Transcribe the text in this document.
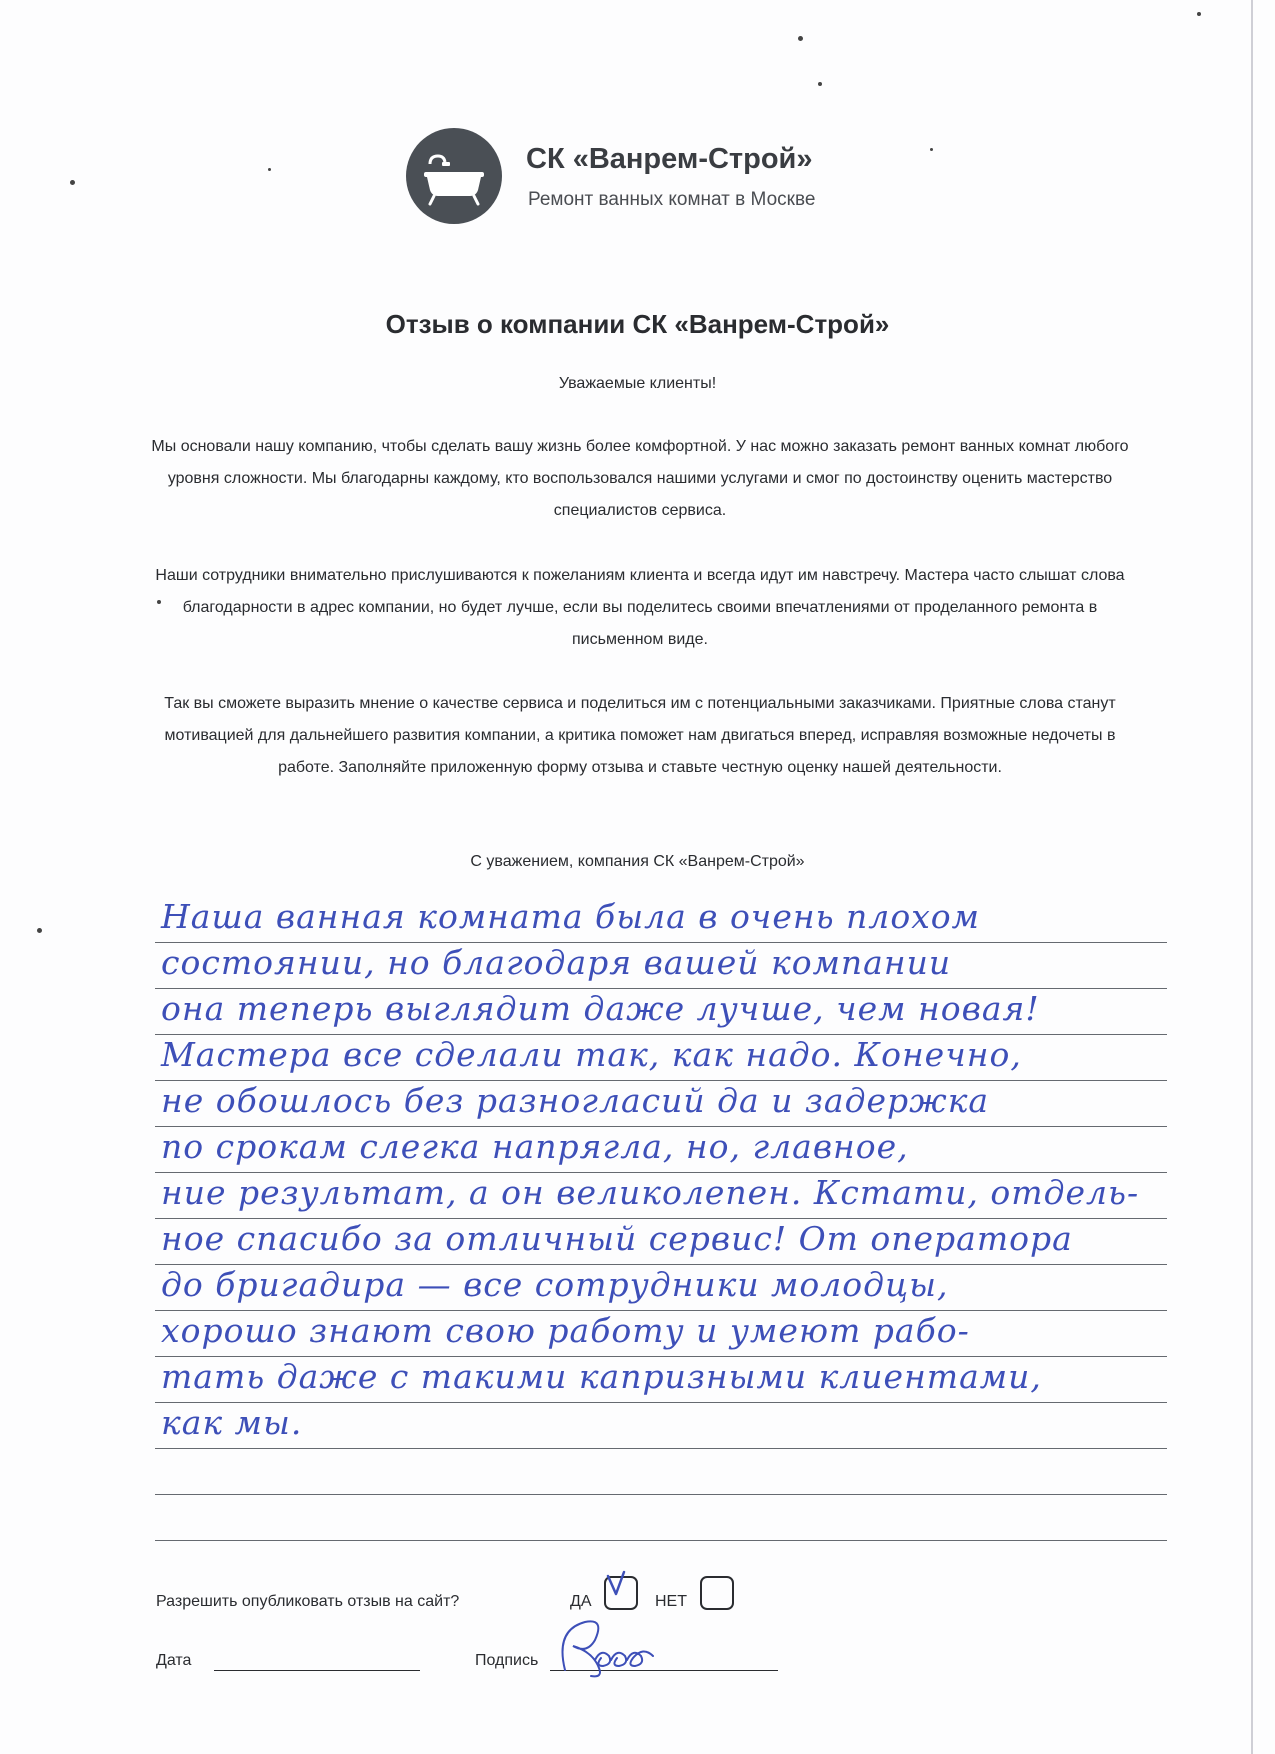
СК «Ванрем-Строй»
Ремонт ванных комнат в Москве
Отзыв о компании СК «Ванрем-Строй»
Уважаемые клиенты!

Мы основали нашу компанию, чтобы сделать вашу жизнь более комфортной. У нас можно заказать ремонт ванных комнат любого уровня сложности. Мы благодарны каждому, кто воспользовался нашими услугами и смог по достоинству оценить мастерство специалистов сервиса.

Наши сотрудники внимательно прислушиваются к пожеланиям клиента и всегда идут им навстречу. Мастера часто слышат слова благодарности в адрес компании, но будет лучше, если вы поделитесь своими впечатлениями от проделанного ремонта в письменном виде.

Так вы сможете выразить мнение о качестве сервиса и поделиться им с потенциальными заказчиками. Приятные слова станут мотивацией для дальнейшего развития компании, а критика поможет нам двигаться вперед, исправляя возможные недочеты в работе. Заполняйте приложенную форму отзыва и ставьте честную оценку нашей деятельности.

С уважением, компания СК «Ванрем-Строй»
Наша ванная комната была в очень плохом
состоянии, но благодаря вашей компании
она теперь выглядит даже лучше, чем новая!
Мастера все сделали так, как надо. Конечно,
не обошлось без разногласий да и задержка
по срокам слегка напрягла, но, главное,
ние результат, а он великолепен. Кстати, отдель-
ное спасибо за отличный сервис! От оператора
до бригадира — все сотрудники молодцы,
хорошо знают свою работу и умеют рабо-
тать даже с такими капризными клиентами,
как мы.
Разрешить опубликовать отзыв на сайт?	ДА	НЕТ
Дата	Подпись
